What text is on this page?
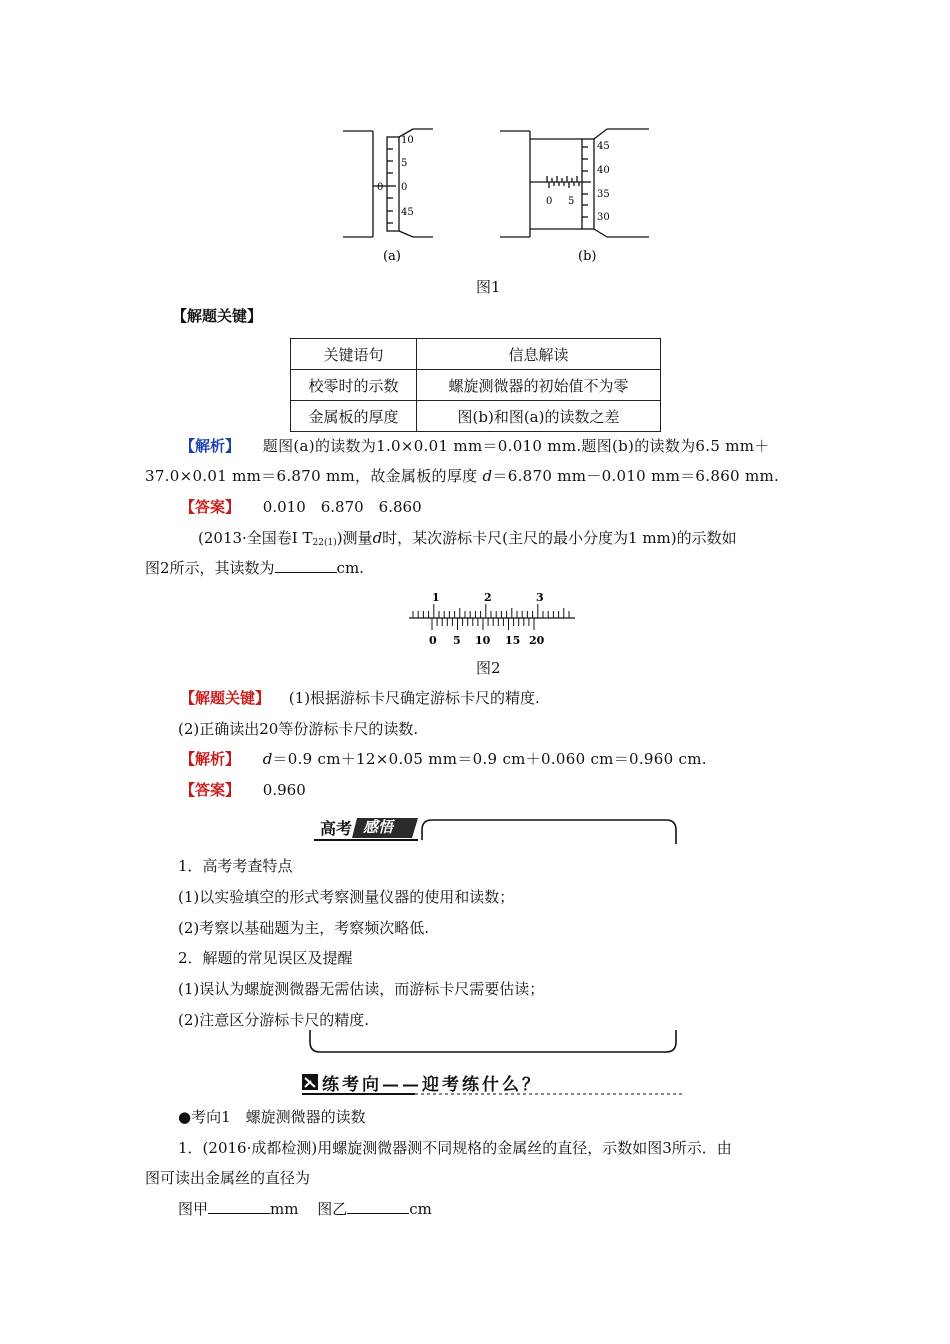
0
10
5
0
45
(a)
45
40
35
30
0 5
(b)
图1
【解题关键】
关键语句	信息解读
校零时的示数	螺旋测微器的初始值不为零
金属板的厚度	图(b)和图(a)的读数之差
【解析】 题图(a)的读数为1.0×0.01 mm＝0.010 mm.题图(b)的读数为6.5 mm＋
37.0×0.01 mm＝6.870 mm，故金属板的厚度 d＝6.870 mm－0.010 mm＝6.860 mm.
【答案】 0.010　6.870　6.860
(2013·全国卷Ⅰ $T_{22(1)}$)测量d时，某次游标卡尺(主尺的最小分度为1 mm)的示数如
图2所示，其读数为	cm.
1	2	3
0 5 10 15 20
图2
【解题关键】 (1)根据游标卡尺确定游标卡尺的精度.
(2)正确读出20等份游标卡尺的读数.
【解析】 d＝0.9 cm＋12×0.05 mm＝0.9 cm＋0.060 cm＝0.960 cm.
【答案】 0.960
高考 感悟
1．高考考查特点
(1)以实验填空的形式考察测量仪器的使用和读数；
(2)考察以基础题为主，考察频次略低.
2．解题的常见误区及提醒
(1)误认为螺旋测微器无需估读，而游标卡尺需要估读；
(2)注意区分游标卡尺的精度.
练考向——迎考练什么？
●考向1　螺旋测微器的读数
1．(2016·成都检测)用螺旋测微器测不同规格的金属丝的直径，示数如图3所示．由
图可读出金属丝的直径为
图甲	mm 图乙	cm
